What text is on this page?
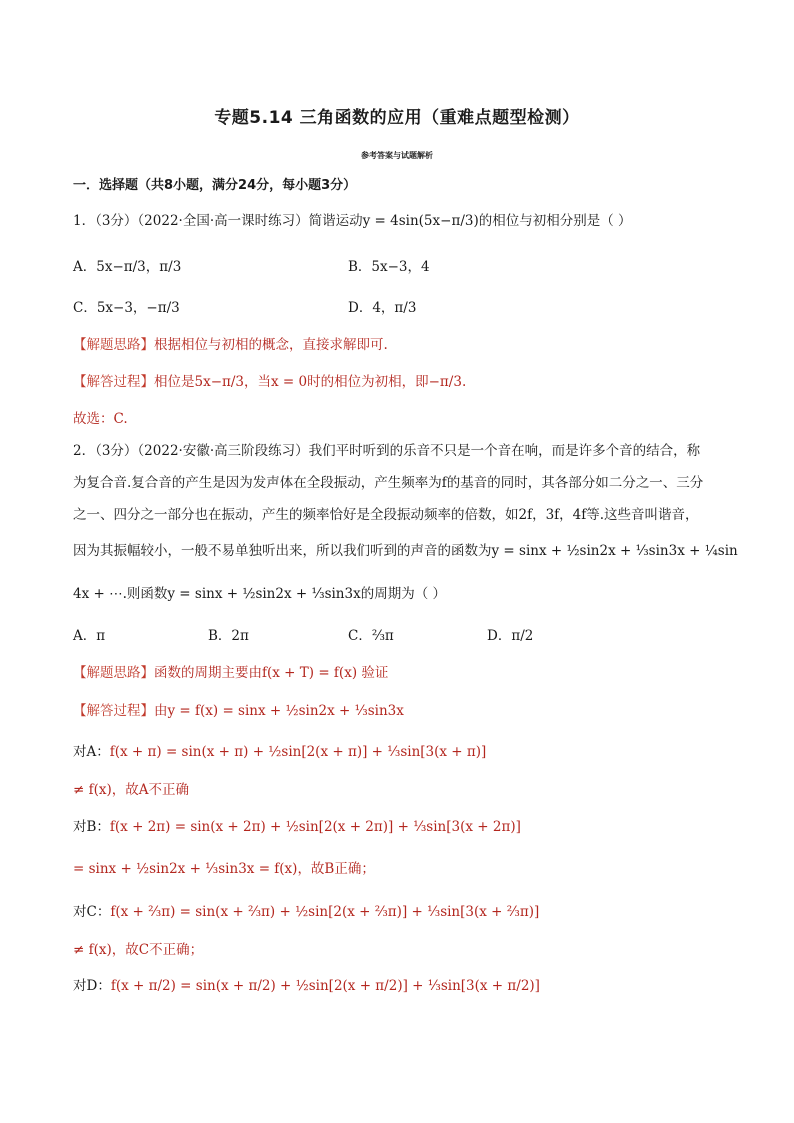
专题5.14 三角函数的应用（重难点题型检测）
参考答案与试题解析
一．选择题（共8小题，满分24分，每小题3分）
1．（3分）（2022·全国·高一课时练习）简谐运动y = 4sin(5x−π/3)的相位与初相分别是（ ）
A．5x−π/3，π/3	B．5x−3，4
C．5x−3，−π/3	D．4，π/3
【解题思路】根据相位与初相的概念，直接求解即可.
【解答过程】相位是5x−π/3，当x = 0时的相位为初相，即−π/3.
故选：C.
2．（3分）（2022·安徽·高三阶段练习）我们平时听到的乐音不只是一个音在响，而是许多个音的结合，称
为复合音.复合音的产生是因为发声体在全段振动，产生频率为f的基音的同时，其各部分如二分之一、三分
之一、四分之一部分也在振动，产生的频率恰好是全段振动频率的倍数，如2f，3f，4f等.这些音叫谐音，
因为其振幅较小，一般不易单独听出来，所以我们听到的声音的函数为y = sinx + ½sin2x + ⅓sin3x + ¼sin
4x + ⋯.则函数y = sinx + ½sin2x + ⅓sin3x的周期为（ ）
A．π	B．2π	C．⅔π	D．π/2
【解题思路】函数的周期主要由f(x + T) = f(x) 验证
【解答过程】由y = f(x) = sinx + ½sin2x + ⅓sin3x
对A：f(x + π) = sin(x + π) + ½sin[2(x + π)] + ⅓sin[3(x + π)]
≠ f(x)，故A不正确
对B：f(x + 2π) = sin(x + 2π) + ½sin[2(x + 2π)] + ⅓sin[3(x + 2π)]
= sinx + ½sin2x + ⅓sin3x = f(x)，故B正确；
对C：f(x + ⅔π) = sin(x + ⅔π) + ½sin[2(x + ⅔π)] + ⅓sin[3(x + ⅔π)]
≠ f(x)，故C不正确；
对D：f(x + π/2) = sin(x + π/2) + ½sin[2(x + π/2)] + ⅓sin[3(x + π/2)]
